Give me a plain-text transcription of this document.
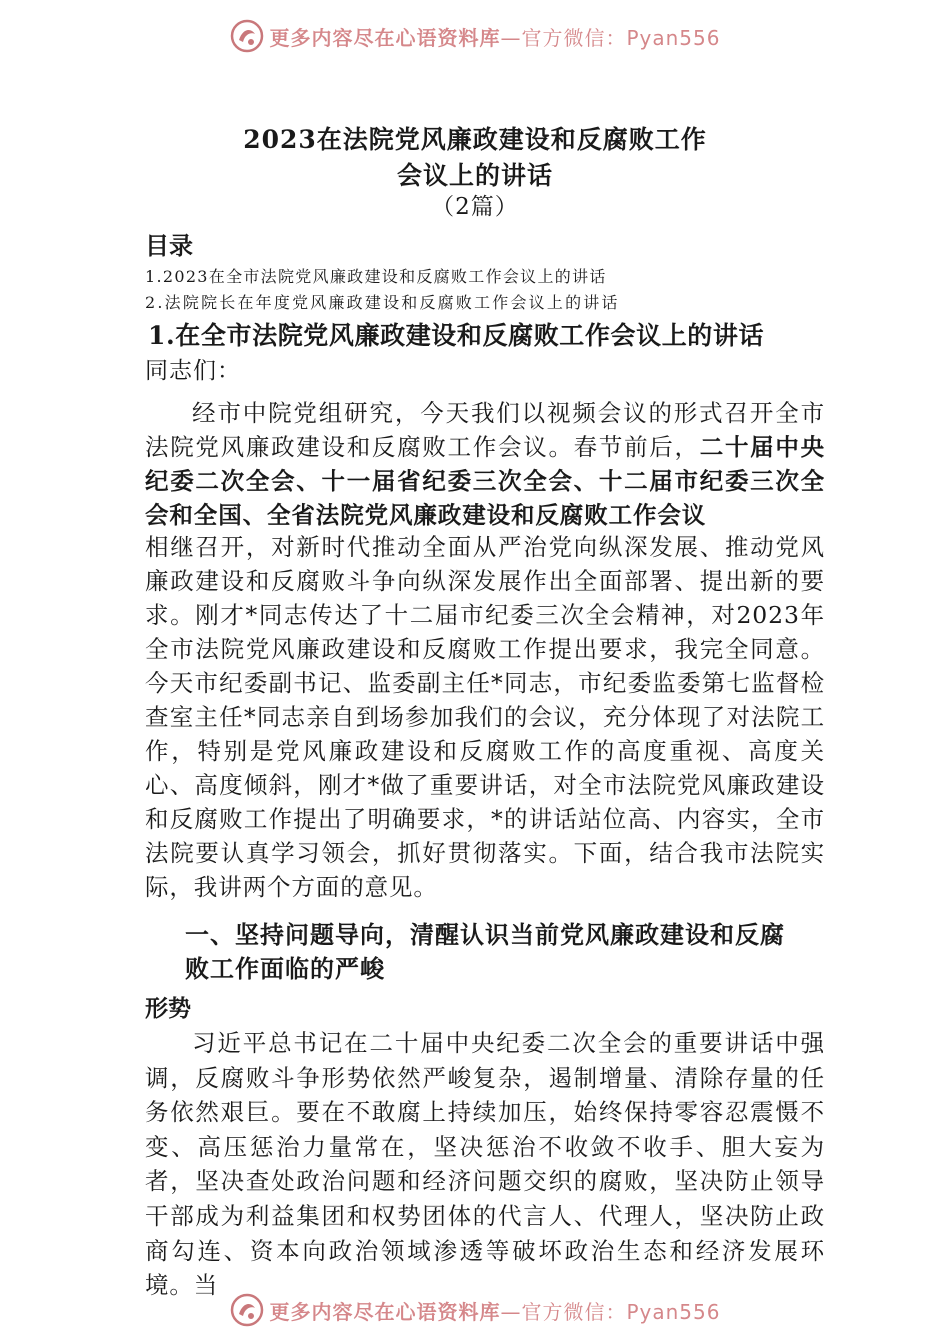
更多内容尽在心语资料库—官方微信：Pyan556
2023在法院党风廉政建设和反腐败工作
会议上的讲话
（2篇）
目录
1.2023在全市法院党风廉政建设和反腐败工作会议上的讲话
2.法院院长在年度党风廉政建设和反腐败工作会议上的讲话
1.在全市法院党风廉政建设和反腐败工作会议上的讲话
同志们：
经市中院党组研究，今天我们以视频会议的形式召开全市法院党风廉政建设和反腐败工作会议。春节前后，二十届中央纪委二次全会、十一届省纪委三次全会、十二届市纪委三次全会和全国、全省法院党风廉政建设和反腐败工作会议
相继召开，对新时代推动全面从严治党向纵深发展、推动党风廉政建设和反腐败斗争向纵深发展作出全面部署、提出新的要求。刚才*同志传达了十二届市纪委三次全会精神，对2023年全市法院党风廉政建设和反腐败工作提出要求，我完全同意。今天市纪委副书记、监委副主任*同志，市纪委监委第七监督检查室主任*同志亲自到场参加我们的会议，充分体现了对法院工作，特别是党风廉政建设和反腐败工作的高度重视、高度关心、高度倾斜，刚才*做了重要讲话，对全市法院党风廉政建设和反腐败工作提出了明确要求，*的讲话站位高、内容实，全市法院要认真学习领会，抓好贯彻落实。下面，结合我市法院实际，我讲两个方面的意见。
一、坚持问题导向，清醒认识当前党风廉政建设和反腐败工作面临的严峻
形势
习近平总书记在二十届中央纪委二次全会的重要讲话中强调，反腐败斗争形势依然严峻复杂，遏制增量、清除存量的任务依然艰巨。要在不敢腐上持续加压，始终保持零容忍震慑不变、高压惩治力量常在，坚决惩治不收敛不收手、胆大妄为者，坚决查处政治问题和经济问题交织的腐败，坚决防止领导干部成为利益集团和权势团体的代言人、代理人，坚决防止政商勾连、资本向政治领域渗透等破坏政治生态和经济发展环境。当
更多内容尽在心语资料库—官方微信：Pyan556
